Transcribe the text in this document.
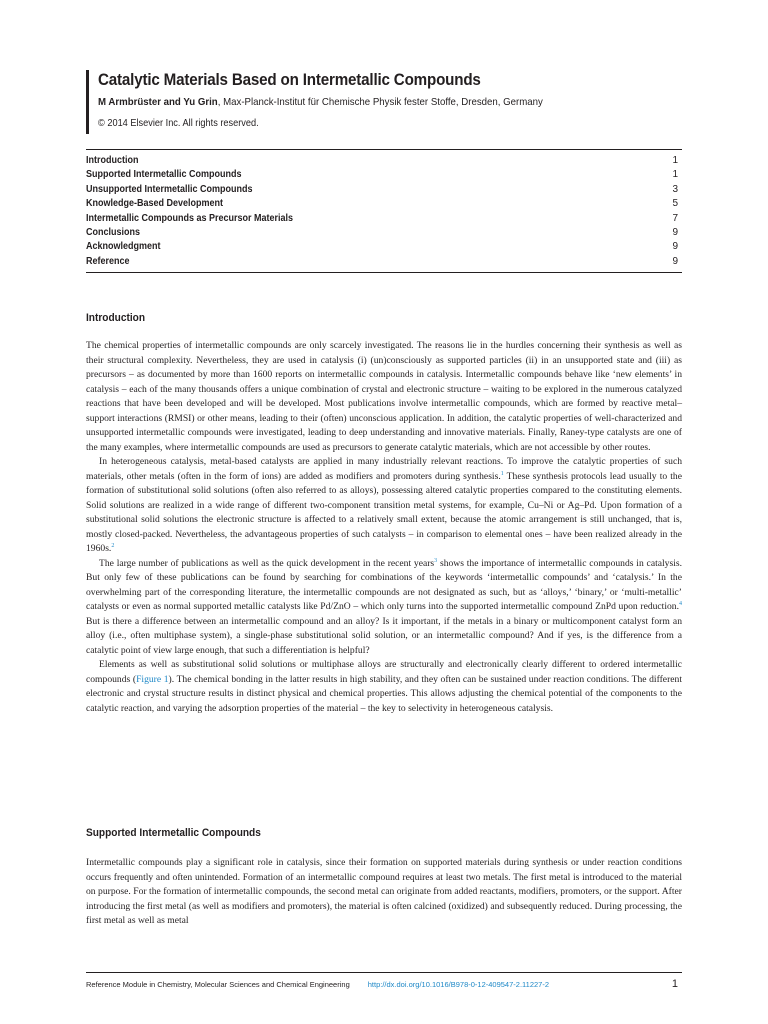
Catalytic Materials Based on Intermetallic Compounds
M Armbrüster and Yu Grin, Max-Planck-Institut für Chemische Physik fester Stoffe, Dresden, Germany
© 2014 Elsevier Inc. All rights reserved.
Introduction	1
Supported Intermetallic Compounds	1
Unsupported Intermetallic Compounds	3
Knowledge-Based Development	5
Intermetallic Compounds as Precursor Materials	7
Conclusions	9
Acknowledgment	9
Reference	9
Introduction

The chemical properties of intermetallic compounds are only scarcely investigated. The reasons lie in the hurdles concerning their synthesis as well as their structural complexity. Nevertheless, they are used in catalysis (i) (un)consciously as supported particles (ii) in an unsupported state and (iii) as precursors – as documented by more than 1600 reports on intermetallic compounds in catalysis. Intermetallic compounds behave like ‘new elements’ in catalysis – each of the many thousands offers a unique combination of crystal and electronic structure – waiting to be explored in the numerous catalyzed reactions that have been developed and will be developed. Most publications involve intermetallic compounds, which are formed by reactive metal–support interactions (RMSI) or other means, leading to their (often) unconscious application. In addition, the catalytic properties of well-characterized and unsupported intermetallic compounds were investigated, leading to deep understanding and innovative materials. Finally, Raney-type catalysts are one of the many examples, where intermetallic compounds are used as precursors to generate catalytic materials, which are not accessible by other routes.

In heterogeneous catalysis, metal-based catalysts are applied in many industrially relevant reactions. To improve the catalytic properties of such materials, other metals (often in the form of ions) are added as modifiers and promoters during synthesis.$^1$ These synthesis protocols lead usually to the formation of substitutional solid solutions (often also referred to as alloys), possessing altered catalytic properties compared to the constituting elements. Solid solutions are realized in a wide range of different two-component transition metal systems, for example, Cu–Ni or Ag–Pd. Upon formation of a substitutional solid solutions the electronic structure is affected to a relatively small extent, because the atomic arrangement is still unchanged, that is, mostly closed-packed. Nevertheless, the advantageous properties of such catalysts – in comparison to elemental ones – have been realized already in the 1960s.$^2$

The large number of publications as well as the quick development in the recent years$^3$ shows the importance of intermetallic compounds in catalysis. But only few of these publications can be found by searching for combinations of the keywords ‘intermetallic compounds’ and ‘catalysis.’ In the overwhelming part of the corresponding literature, the intermetallic compounds are not designated as such, but as ‘alloys,’ ‘binary,’ or ‘multi-metallic’ catalysts or even as normal supported metallic catalysts like Pd/ZnO – which only turns into the supported intermetallic compound ZnPd upon reduction.$^4$ But is there a difference between an intermetallic compound and an alloy? Is it important, if the metals in a binary or multicomponent catalyst form an alloy (i.e., often multiphase system), a single-phase substitutional solid solution, or an intermetallic compound? And if yes, is the difference from a catalytic point of view large enough, that such a differentiation is helpful?

Elements as well as substitutional solid solutions or multiphase alloys are structurally and electronically clearly different to ordered intermetallic compounds (Figure 1). The chemical bonding in the latter results in high stability, and they often can be sustained under reaction conditions. The different electronic and crystal structure results in distinct physical and chemical properties. This allows adjusting the chemical potential of the components to the catalytic reaction, and varying the adsorption properties of the material – the key to selectivity in heterogeneous catalysis.

Supported Intermetallic Compounds

Intermetallic compounds play a significant role in catalysis, since their formation on supported materials during synthesis or under reaction conditions occurs frequently and often unintended. Formation of an intermetallic compound requires at least two metals. The first metal is introduced to the material on purpose. For the formation of intermetallic compounds, the second metal can originate from added reactants, modifiers, promoters, or the support. After introducing the first metal (as well as modifiers and promoters), the material is often calcined (oxidized) and subsequently reduced. During processing, the first metal as well as metal

Reference Module in Chemistry, Molecular Sciences and Chemical Engineering http://dx.doi.org/10.1016/B978-0-12-409547-2.11227-2	1
